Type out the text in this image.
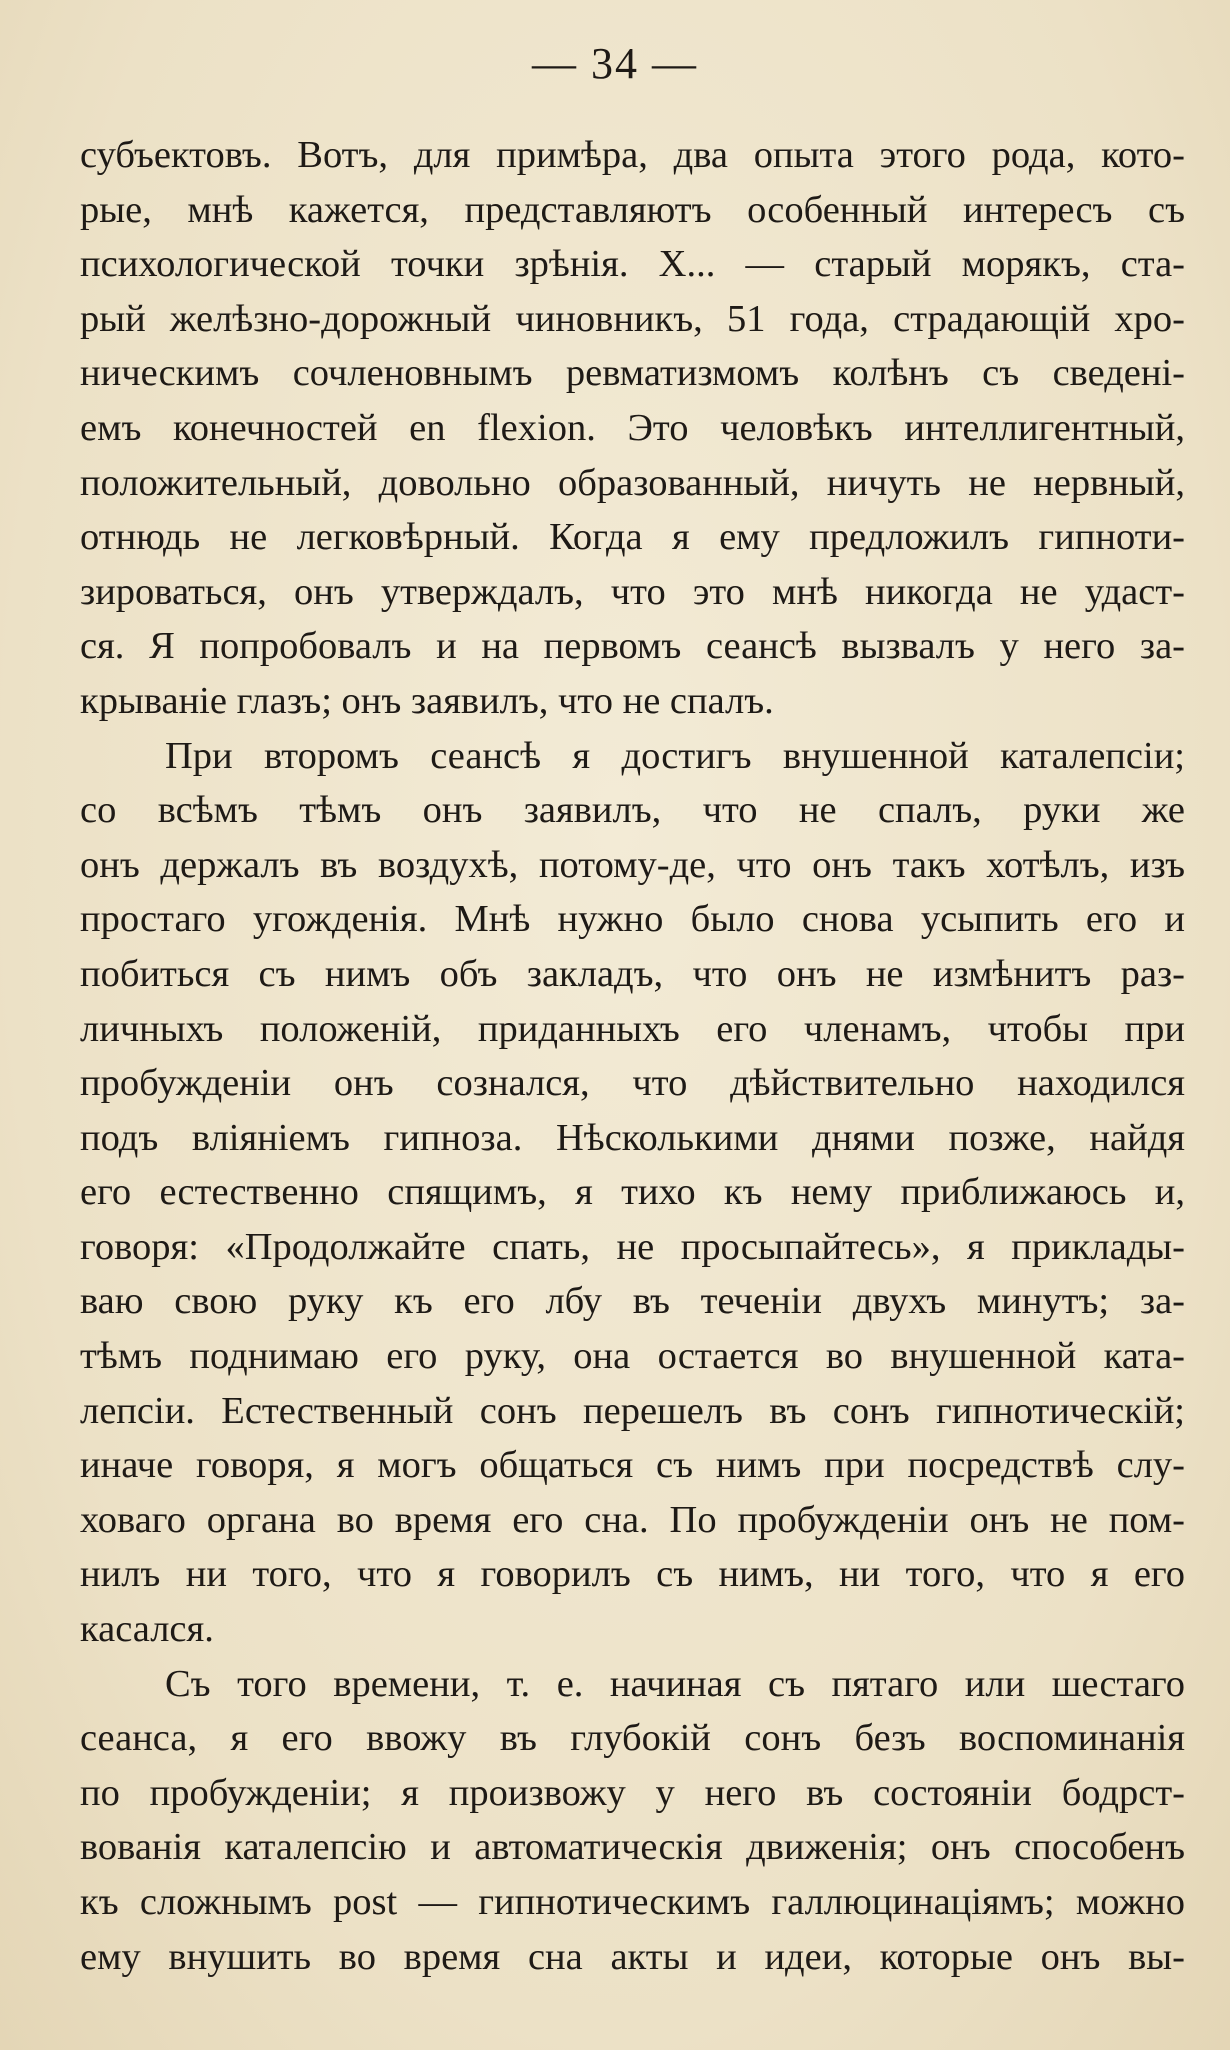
— 34 —
субъектовъ. Вотъ, для примѣра, два опыта этого рода, кото-
рые, мнѣ кажется, представляютъ особенный интересъ съ
психологической точки зрѣнія. X... — старый морякъ, ста-
рый желѣзно-дорожный чиновникъ, 51 года, страдающій хро-
ническимъ сочленовнымъ ревматизмомъ колѣнъ съ сведені-
емъ конечностей en flexion. Это человѣкъ интеллигентный,
положительный, довольно образованный, ничуть не нервный,
отнюдь не легковѣрный. Когда я ему предложилъ гипноти-
зироваться, онъ утверждалъ, что это мнѣ никогда не удаст-
ся. Я попробовалъ и на первомъ сеансѣ вызвалъ у него за-
крываніе глазъ; онъ заявилъ, что не спалъ.
При второмъ сеансѣ я достигъ внушенной каталепсіи;
со всѣмъ тѣмъ онъ заявилъ, что не спалъ, руки же
онъ держалъ въ воздухѣ, потому-де, что онъ такъ хотѣлъ, изъ
простаго угожденія. Мнѣ нужно было снова усыпить его и
побиться съ нимъ объ закладъ, что онъ не измѣнитъ раз-
личныхъ положеній, приданныхъ его членамъ, чтобы при
пробужденіи онъ сознался, что дѣйствительно находился
подъ вліяніемъ гипноза. Нѣсколькими днями позже, найдя
его естественно спящимъ, я тихо къ нему приближаюсь и,
говоря: «Продолжайте спать, не просыпайтесь», я приклады-
ваю свою руку къ его лбу въ теченіи двухъ минутъ; за-
тѣмъ поднимаю его руку, она остается во внушенной ката-
лепсіи. Естественный сонъ перешелъ въ сонъ гипнотическій;
иначе говоря, я могъ общаться съ нимъ при посредствѣ слу-
ховаго органа во время его сна. По пробужденіи онъ не пом-
нилъ ни того, что я говорилъ съ нимъ, ни того, что я его
касался.
Съ того времени, т. е. начиная съ пятаго или шестаго
сеанса, я его ввожу въ глубокій сонъ безъ воспоминанія
по пробужденіи; я произвожу у него въ состояніи бодрст-
вованія каталепсію и автоматическія движенія; онъ способенъ
къ сложнымъ post — гипнотическимъ галлюцинаціямъ; можно
ему внушить во время сна акты и идеи, которые онъ вы-
